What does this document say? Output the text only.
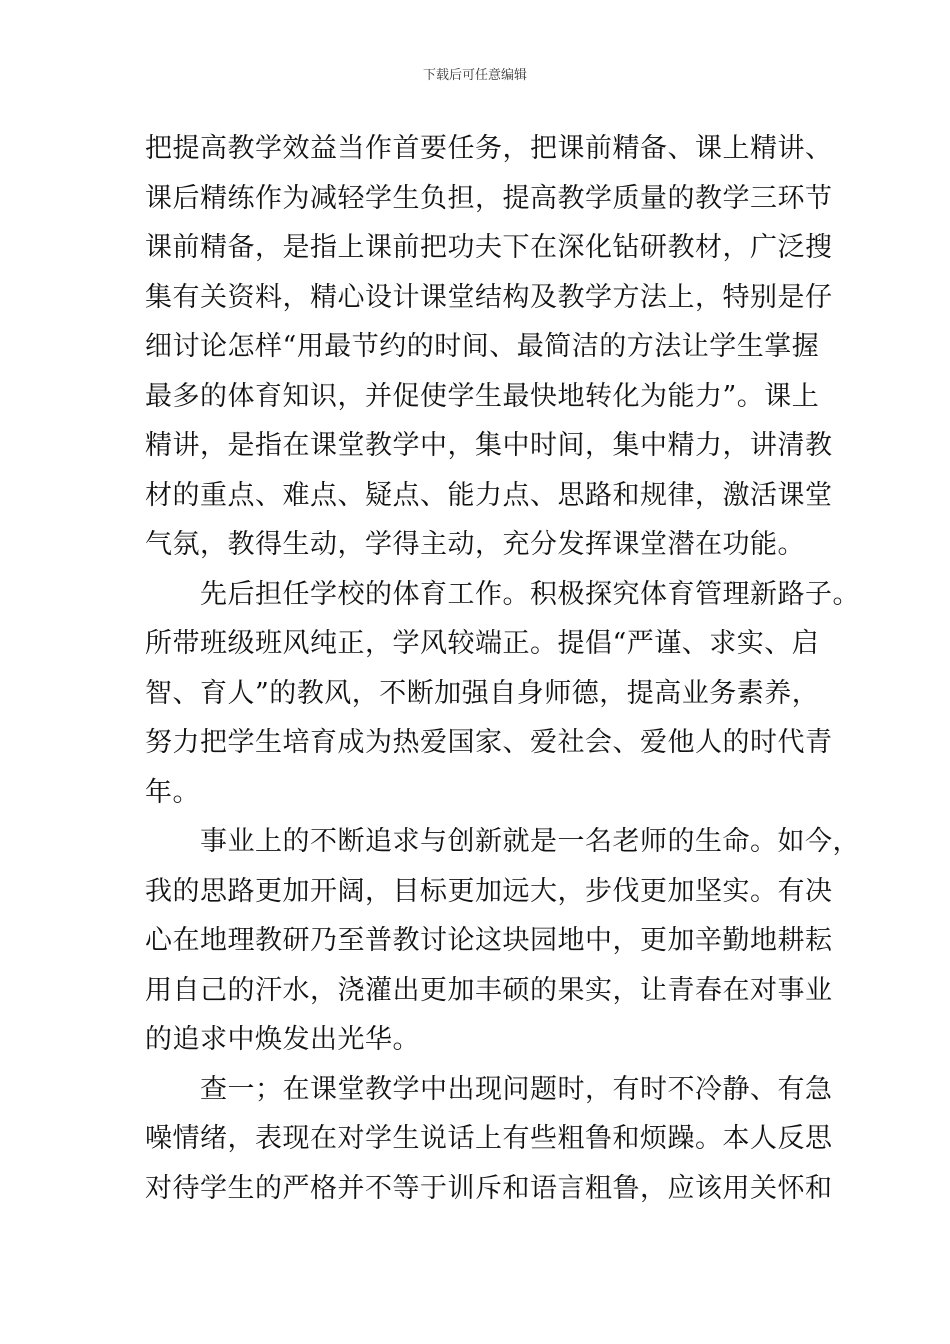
下载后可任意编辑
把提高教学效益当作首要任务，把课前精备、课上精讲、
课后精练作为减轻学生负担，提高教学质量的教学三环节
课前精备，是指上课前把功夫下在深化钻研教材，广泛搜
集有关资料，精心设计课堂结构及教学方法上，特别是仔
细讨论怎样“用最节约的时间、最简洁的方法让学生掌握
最多的体育知识，并促使学生最快地转化为能力”。课上
精讲，是指在课堂教学中，集中时间，集中精力，讲清教
材的重点、难点、疑点、能力点、思路和规律，激活课堂
气氛，教得生动，学得主动，充分发挥课堂潜在功能。
先后担任学校的体育工作。积极探究体育管理新路子。
所带班级班风纯正，学风较端正。提倡“严谨、求实、启
智、育人”的教风，不断加强自身师德，提高业务素养，
努力把学生培育成为热爱国家、爱社会、爱他人的时代青
年。
事业上的不断追求与创新就是一名老师的生命。如今，
我的思路更加开阔，目标更加远大，步伐更加坚实。有决
心在地理教研乃至普教讨论这块园地中，更加辛勤地耕耘
用自己的汗水，浇灌出更加丰硕的果实，让青春在对事业
的追求中焕发出光华。
查一；在课堂教学中出现问题时，有时不冷静、有急
噪情绪，表现在对学生说话上有些粗鲁和烦躁。本人反思
对待学生的严格并不等于训斥和语言粗鲁，应该用关怀和
